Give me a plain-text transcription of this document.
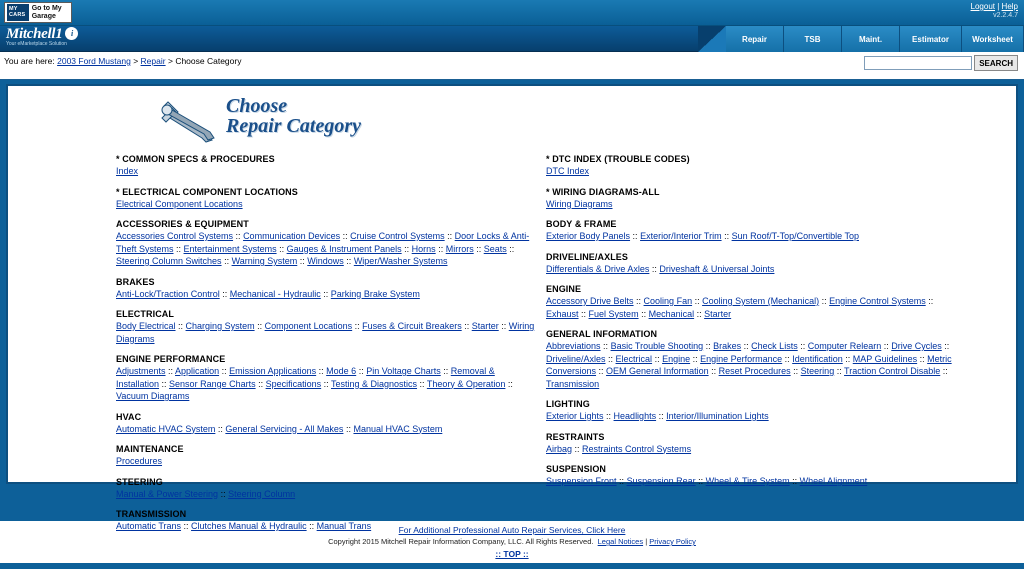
MY CARS
Go to My Garage
Logout | Help
v2.2.4.7
Mitchell1 i
Your eMarketplace Solution
Repair	TSB	Maint.	Estimator	Worksheet
You are here: 2003 Ford Mustang > Repair > Choose Category	SEARCH
Choose
Repair Category
* COMMON SPECS & PROCEDURES
Index
* ELECTRICAL COMPONENT LOCATIONS
Electrical Component Locations
ACCESSORIES & EQUIPMENT
Accessories Control Systems :: Communication Devices :: Cruise Control Systems :: Door Locks & Anti-Theft Systems :: Entertainment Systems :: Gauges & Instrument Panels :: Horns :: Mirrors :: Seats :: Steering Column Switches :: Warning System :: Windows :: Wiper/Washer Systems
BRAKES
Anti-Lock/Traction Control :: Mechanical - Hydraulic :: Parking Brake System
ELECTRICAL
Body Electrical :: Charging System :: Component Locations :: Fuses & Circuit Breakers :: Starter :: Wiring Diagrams
ENGINE PERFORMANCE
Adjustments :: Application :: Emission Applications :: Mode 6 :: Pin Voltage Charts :: Removal & Installation :: Sensor Range Charts :: Specifications :: Testing & Diagnostics :: Theory & Operation :: Vacuum Diagrams
HVAC
Automatic HVAC System :: General Servicing - All Makes :: Manual HVAC System
MAINTENANCE
Procedures
STEERING
Manual & Power Steering :: Steering Column
TRANSMISSION
Automatic Trans :: Clutches Manual & Hydraulic :: Manual Trans
* DTC INDEX (TROUBLE CODES)
DTC Index
* WIRING DIAGRAMS-ALL
Wiring Diagrams
BODY & FRAME
Exterior Body Panels :: Exterior/Interior Trim :: Sun Roof/T-Top/Convertible Top
DRIVELINE/AXLES
Differentials & Drive Axles :: Driveshaft & Universal Joints
ENGINE
Accessory Drive Belts :: Cooling Fan :: Cooling System (Mechanical) :: Engine Control Systems :: Exhaust :: Fuel System :: Mechanical :: Starter
GENERAL INFORMATION
Abbreviations :: Basic Trouble Shooting :: Brakes :: Check Lists :: Computer Relearn :: Drive Cycles :: Driveline/Axles :: Electrical :: Engine :: Engine Performance :: Identification :: MAP Guidelines :: Metric Conversions :: OEM General Information :: Reset Procedures :: Steering :: Traction Control Disable :: Transmission
LIGHTING
Exterior Lights :: Headlights :: Interior/Illumination Lights
RESTRAINTS
Airbag :: Restraints Control Systems
SUSPENSION
Suspension Front :: Suspension Rear :: Wheel & Tire System :: Wheel Alignment
For Additional Professional Auto Repair Services, Click Here
Copyright 2015 Mitchell Repair Information Company, LLC. All Rights Reserved. Legal Notices | Privacy Policy
:: TOP ::
